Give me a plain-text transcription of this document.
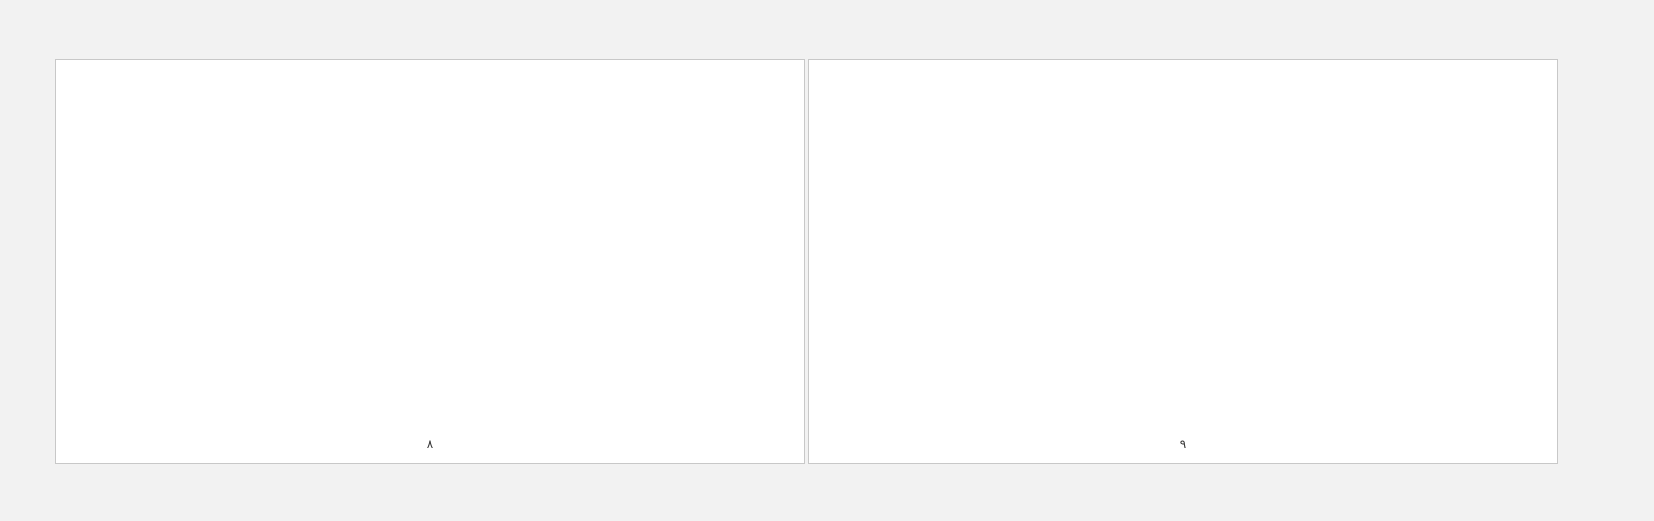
۸	۹
